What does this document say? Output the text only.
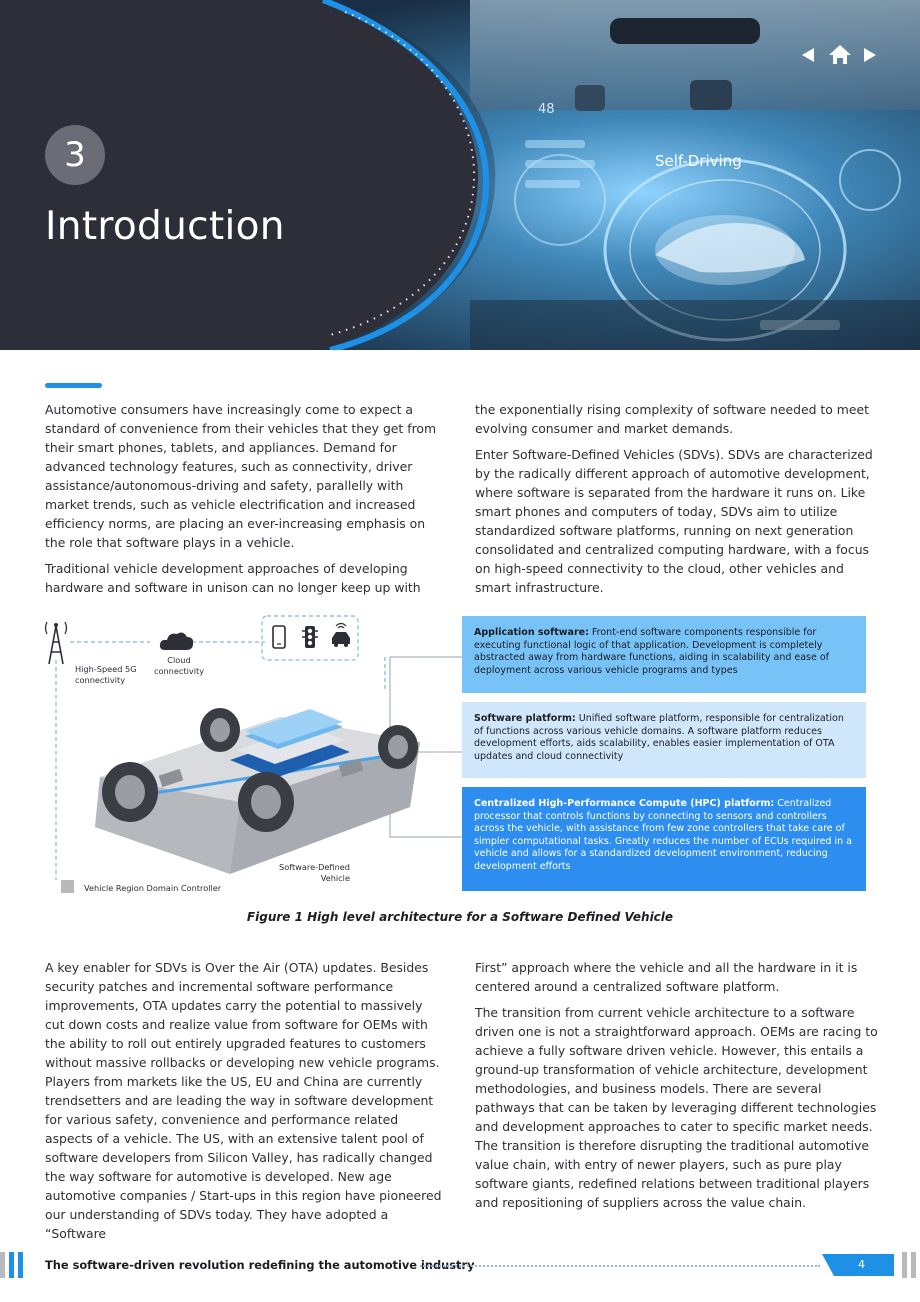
48
Self-Driving
3
Introduction

Automotive consumers have increasingly come to expect a standard of convenience from their vehicles that they get from their smart phones, tablets, and appliances. Demand for advanced technology features, such as connectivity, driver assistance/autonomous-driving and safety, parallelly with market trends, such as vehicle electrification and increased efficiency norms, are placing an ever-increasing emphasis on the role that software plays in a vehicle.

Traditional vehicle development approaches of developing hardware and software in unison can no longer keep up with

the exponentially rising complexity of software needed to meet evolving consumer and market demands.

Enter Software-Defined Vehicles (SDVs). SDVs are characterized by the radically different approach of automotive development, where software is separated from the hardware it runs on. Like smart phones and computers of today, SDVs aim to utilize standardized software platforms, running on next generation consolidated and centralized computing hardware, with a focus on high-speed connectivity to the cloud, other vehicles and smart infrastructure.

High-Speed 5G connectivity
Cloud connectivity
Software-Defined Vehicle
Application software: Front-end software components responsible for executing functional logic of that application. Development is completely abstracted away from hardware functions, aiding in scalability and ease of deployment across various vehicle programs and types
Software platform: Unified software platform, responsible for centralization of functions across various vehicle domains. A software platform reduces development efforts, aids scalability, enables easier implementation of OTA updates and cloud connectivity
Centralized High-Performance Compute (HPC) platform: Centralized processor that controls functions by connecting to sensors and controllers across the vehicle, with assistance from few zone controllers that take care of simpler computational tasks. Greatly reduces the number of ECUs required in a vehicle and allows for a standardized development environment, reducing development efforts
Vehicle Region Domain Controller
Figure 1 High level architecture for a Software Defined Vehicle

A key enabler for SDVs is Over the Air (OTA) updates. Besides security patches and incremental software performance improvements, OTA updates carry the potential to massively cut down costs and realize value from software for OEMs with the ability to roll out entirely upgraded features to customers without massive rollbacks or developing new vehicle programs. Players from markets like the US, EU and China are currently trendsetters and are leading the way in software development for various safety, convenience and performance related aspects of a vehicle. The US, with an extensive talent pool of software developers from Silicon Valley, has radically changed the way software for automotive is developed. New age automotive companies / Start-ups in this region have pioneered our understanding of SDVs today. They have adopted a “Software

First” approach where the vehicle and all the hardware in it is centered around a centralized software platform.

The transition from current vehicle architecture to a software driven one is not a straightforward approach. OEMs are racing to achieve a fully software driven vehicle. However, this entails a ground-up transformation of vehicle architecture, development methodologies, and business models. There are several pathways that can be taken by leveraging different technologies and development approaches to cater to specific market needs. The transition is therefore disrupting the traditional automotive value chain, with entry of newer players, such as pure play software giants, redefined relations between traditional players and repositioning of suppliers across the value chain.

The software-driven revolution redefining the automotive industry	4
